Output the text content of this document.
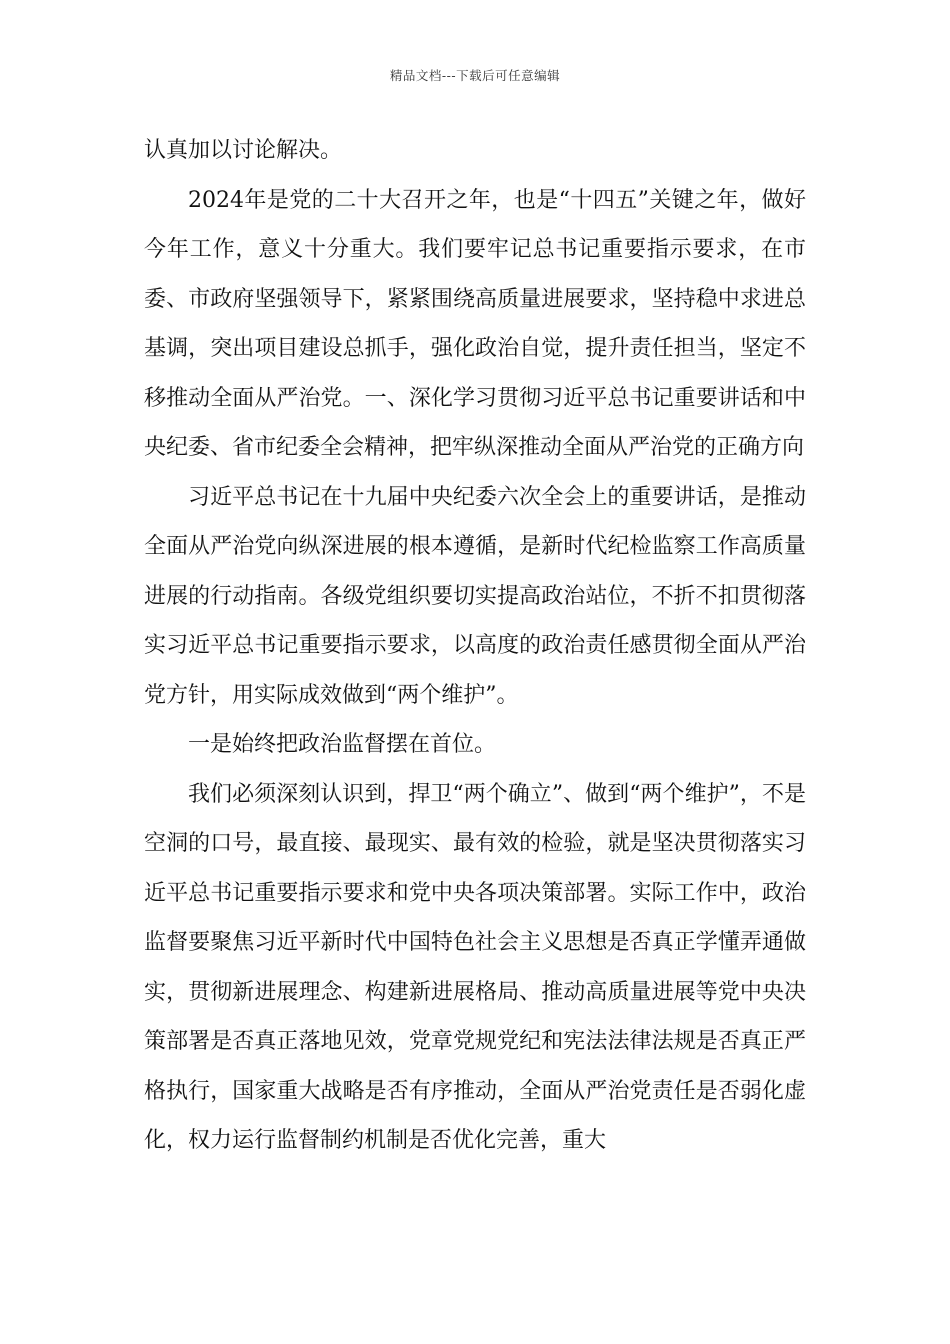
精品文档---下载后可任意编辑

认真加以讨论解决。

2024年是党的二十大召开之年，也是“十四五”关键之年，做好今年工作，意义十分重大。我们要牢记总书记重要指示要求，在市委、市政府坚强领导下，紧紧围绕高质量进展要求，坚持稳中求进总基调，突出项目建设总抓手，强化政治自觉，提升责任担当，坚定不移推动全面从严治党。一、深化学习贯彻习近平总书记重要讲话和中央纪委、省市纪委全会精神，把牢纵深推动全面从严治党的正确方向

习近平总书记在十九届中央纪委六次全会上的重要讲话，是推动全面从严治党向纵深进展的根本遵循，是新时代纪检监察工作高质量进展的行动指南。各级党组织要切实提高政治站位，不折不扣贯彻落实习近平总书记重要指示要求，以高度的政治责任感贯彻全面从严治党方针，用实际成效做到“两个维护”。

一是始终把政治监督摆在首位。

我们必须深刻认识到，捍卫“两个确立”、做到“两个维护”，不是空洞的口号，最直接、最现实、最有效的检验，就是坚决贯彻落实习近平总书记重要指示要求和党中央各项决策部署。实际工作中，政治监督要聚焦习近平新时代中国特色社会主义思想是否真正学懂弄通做实，贯彻新进展理念、构建新进展格局、推动高质量进展等党中央决策部署是否真正落地见效，党章党规党纪和宪法法律法规是否真正严格执行，国家重大战略是否有序推动，全面从严治党责任是否弱化虚化，权力运行监督制约机制是否优化完善，重大
